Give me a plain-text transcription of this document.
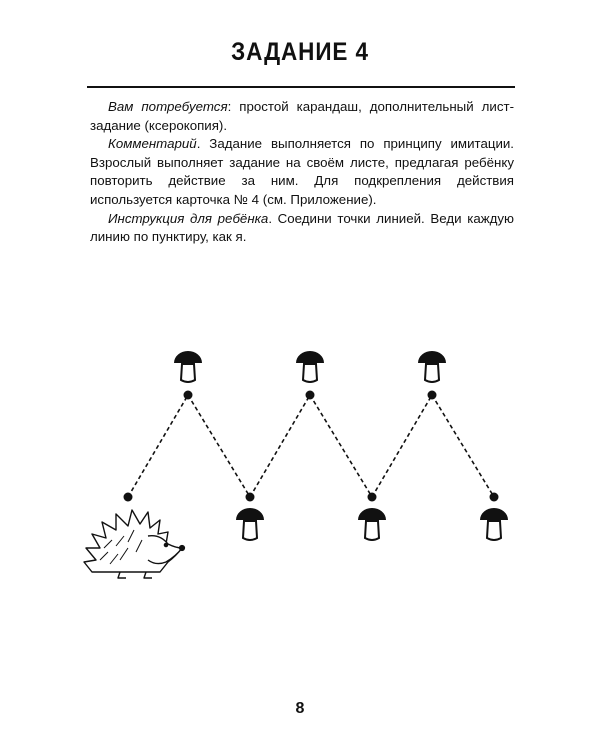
ЗАДАНИЕ 4

Вам потребуется: простой карандаш, дополнительный лист-задание (ксерокопия).

Комментарий. Задание выполняется по принципу имитации. Взрослый выполняет задание на своём листе, предлагая ребёнку повторить действие за ним. Для подкрепления действия используется карточка № 4 (см. Приложение).

Инструкция для ребёнка. Соедини точки линией. Веди каждую линию по пунктиру, как я.

8
